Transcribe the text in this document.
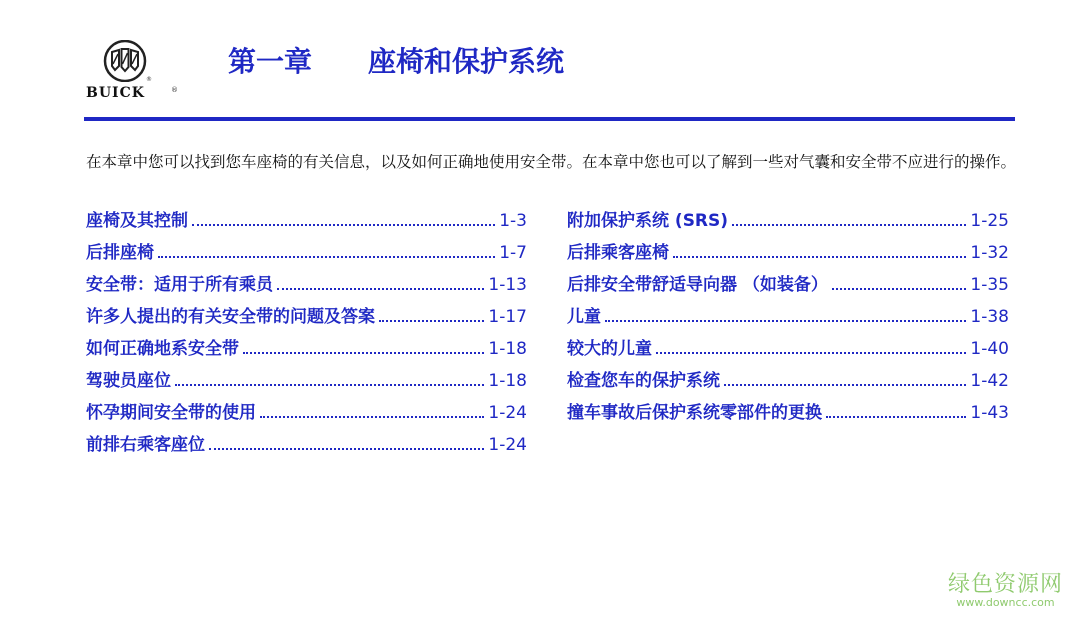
®
BUICK	®
第一章 座椅和保护系统
在本章中您可以找到您车座椅的有关信息，以及如何正确地使用安全带。在本章中您也可以了解到一些对气囊和安全带不应进行的操作。
座椅及其控制	1-3
后排座椅	1-7
安全带：适用于所有乘员	1-13
许多人提出的有关安全带的问题及答案	1-17
如何正确地系安全带	1-18
驾驶员座位	1-18
怀孕期间安全带的使用	1-24
前排右乘客座位	1-24
附加保护系统 (SRS)	1-25
后排乘客座椅	1-32
后排安全带舒适导向器 （如装备）	1-35
儿童	1-38
较大的儿童	1-40
检查您车的保护系统	1-42
撞车事故后保护系统零部件的更换	1-43
绿色资源网
www.downcc.com
